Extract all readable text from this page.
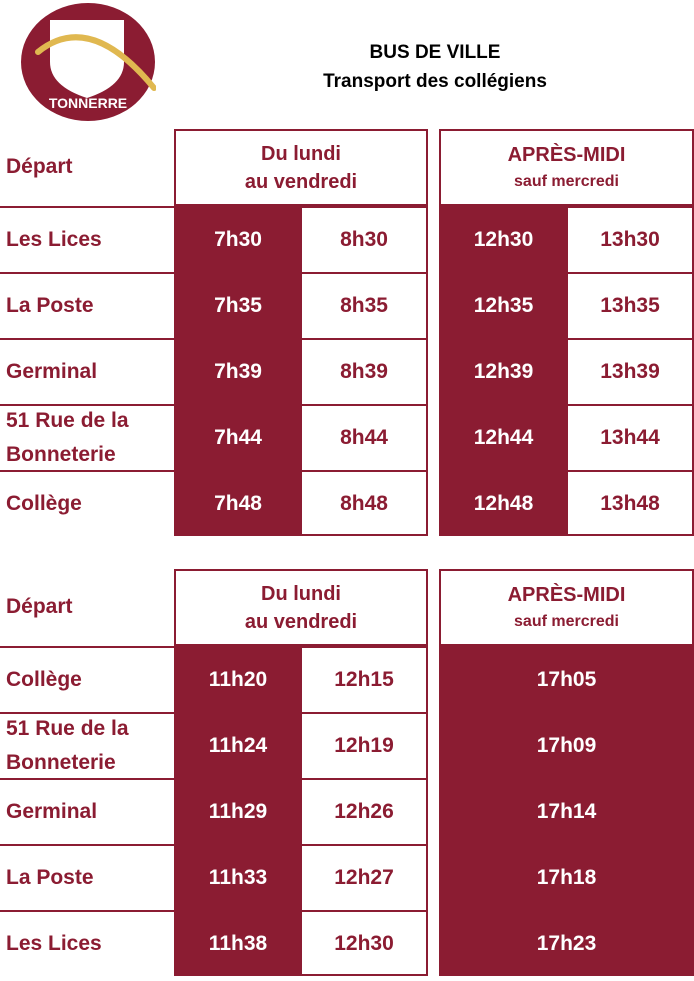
TONNERRE
BUS DE VILLE
Transport des collégiens
Départ
Du lundi
au vendredi
APRÈS-MIDI
sauf mercredi
Les Lices	7h30	8h30	12h30	13h30
La Poste	7h35	8h35	12h35	13h35
Germinal	7h39	8h39	12h39	13h39
51 Rue de la
Bonneterie
7h44	8h44	12h44	13h44
Collège	7h48	8h48	12h48	13h48
Départ
Du lundi
au vendredi
APRÈS-MIDI
sauf mercredi
Collège	11h20	12h15	17h05
51 Rue de la
Bonneterie
11h24	12h19	17h09
Germinal	11h29	12h26	17h14
La Poste	11h33	12h27	17h18
Les Lices	11h38	12h30	17h23
